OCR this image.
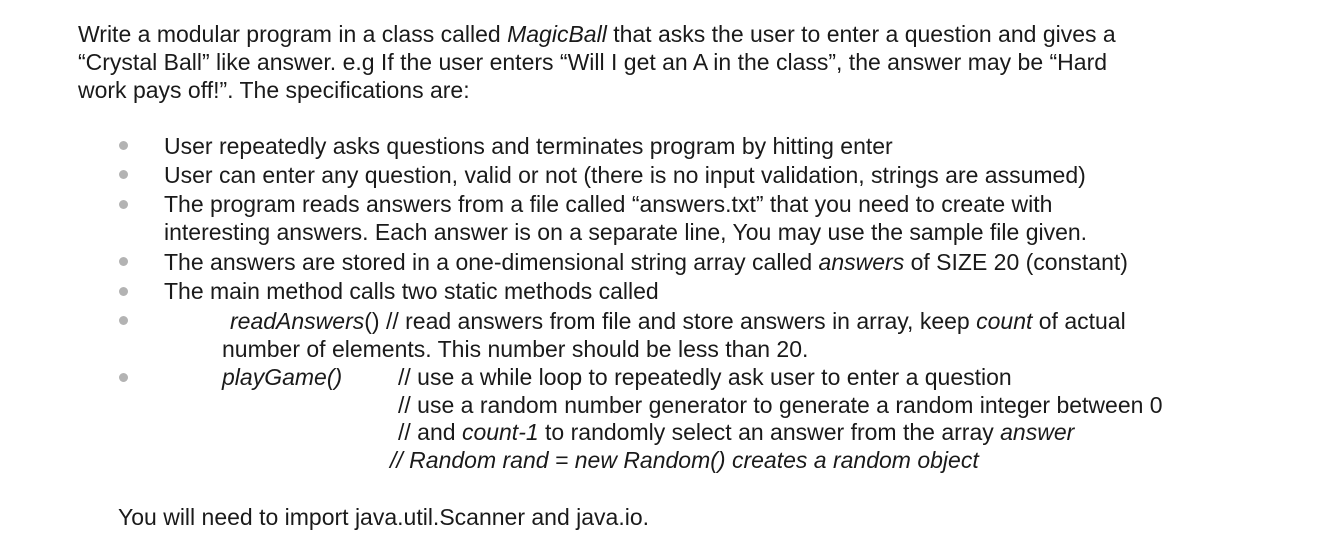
Write a modular program in a class called MagicBall that asks the user to enter a question and gives a
“Crystal Ball” like answer. e.g If the user enters “Will I get an A in the class”, the answer may be “Hard
work pays off!”. The specifications are:
User repeatedly asks questions and terminates program by hitting enter
User can enter any question, valid or not (there is no input validation, strings are assumed)
The program reads answers from a file called “answers.txt” that you need to create with
interesting answers. Each answer is on a separate line, You may use the sample file given.
The answers are stored in a one-dimensional string array called answers of SIZE 20 (constant)
The main method calls two static methods called
readAnswers() // read answers from file and store answers in array, keep count of actual
number of elements. This number should be less than 20.
playGame() // use a while loop to repeatedly ask user to enter a question
// use a random number generator to generate a random integer between 0
// and count-1 to randomly select an answer from the array answer
// Random rand = new Random() creates a random object
You will need to import java.util.Scanner and java.io.
